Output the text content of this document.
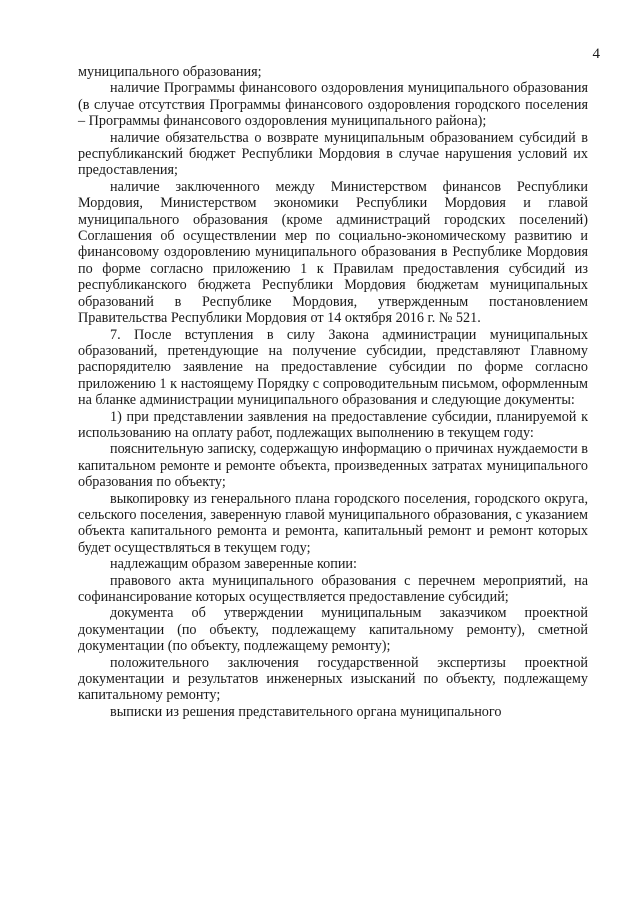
4

муниципального образования;

наличие Программы финансового оздоровления муниципального образования (в случае отсутствия Программы финансового оздоровления городского поселения – Программы финансового оздоровления муниципального района);

наличие обязательства о возврате муниципальным образованием субсидий в республиканский бюджет Республики Мордовия в случае нарушения условий их предоставления;

наличие заключенного между Министерством финансов Республики Мордовия, Министерством экономики Республики Мордовия и главой муниципального образования (кроме администраций городских поселений) Соглашения об осуществлении мер по социально-экономическому развитию и финансовому оздоровлению муниципального образования в Республике Мордовия по форме согласно приложению 1 к Правилам предоставления субсидий из республиканского бюджета Республики Мордовия бюджетам муниципальных образований в Республике Мордовия, утвержденным постановлением Правительства Республики Мордовия от 14 октября 2016 г. № 521.

7. После вступления в силу Закона администрации муниципальных образований, претендующие на получение субсидии, представляют Главному распорядителю заявление на предоставление субсидии по форме согласно приложению 1 к настоящему Порядку с сопроводительным письмом, оформленным на бланке администрации муниципального образования и следующие документы:

1) при представлении заявления на предоставление субсидии, планируемой к использованию на оплату работ, подлежащих выполнению в текущем году:

пояснительную записку, содержащую информацию о причинах нуждаемости в капитальном ремонте и ремонте объекта, произведенных затратах муниципального образования по объекту;

выкопировку из генерального плана городского поселения, городского округа, сельского поселения, заверенную главой муниципального образования, с указанием объекта капитального ремонта и ремонта, капитальный ремонт и ремонт которых будет осуществляться в текущем году;

надлежащим образом заверенные копии:

правового акта муниципального образования с перечнем мероприятий, на софинансирование которых осуществляется предоставление субсидий;

документа об утверждении муниципальным заказчиком проектной документации (по объекту, подлежащему капитальному ремонту), сметной документации (по объекту, подлежащему ремонту);

положительного заключения государственной экспертизы проектной документации и результатов инженерных изысканий по объекту, подлежащему капитальному ремонту;

выписки из решения представительного органа муниципального
